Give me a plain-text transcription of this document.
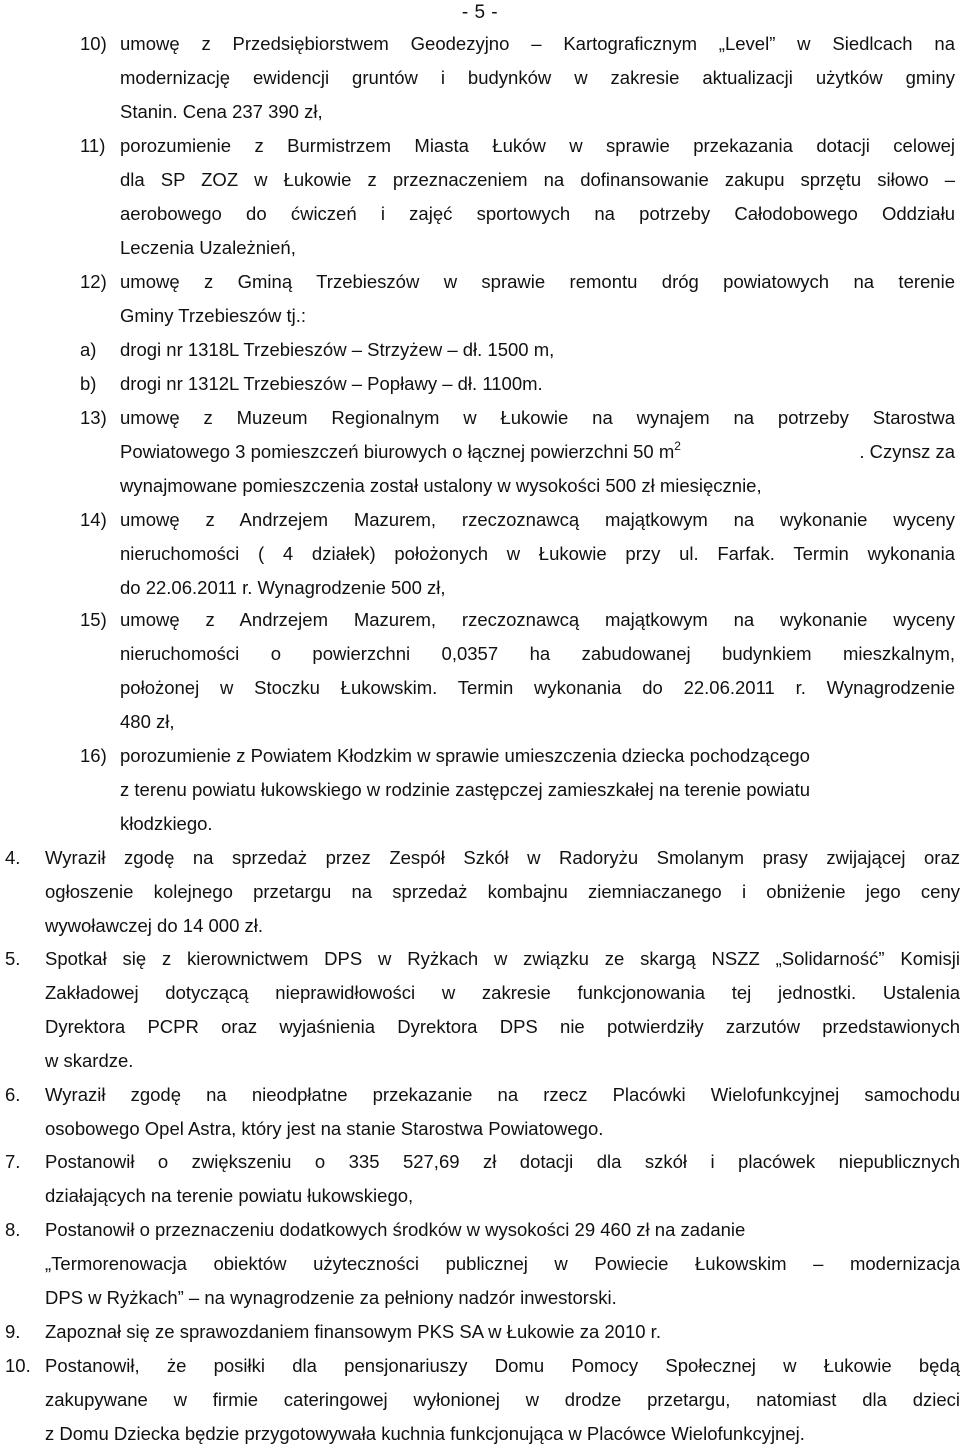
- 5 -
10) umowę z Przedsiębiorstwem Geodezyjno – Kartograficznym „Level” w Siedlcach na
modernizację ewidencji gruntów i budynków w zakresie aktualizacji użytków gminy
Stanin. Cena 237 390 zł,
11) porozumienie z Burmistrzem Miasta Łuków w sprawie przekazania dotacji celowej
dla SP ZOZ w Łukowie z przeznaczeniem na dofinansowanie zakupu sprzętu siłowo –
aerobowego do ćwiczeń i zajęć sportowych na potrzeby Całodobowego Oddziału
Leczenia Uzależnień,
12) umowę z Gminą Trzebieszów w sprawie remontu dróg powiatowych na terenie
Gminy Trzebieszów tj.:
a) drogi nr 1318L Trzebieszów – Strzyżew – dł. 1500 m,
b) drogi nr 1312L Trzebieszów – Popławy – dł. 1100m.
13) umowę z Muzeum Regionalnym w Łukowie na wynajem na potrzeby Starostwa
Powiatowego 3 pomieszczeń biurowych o łącznej powierzchni 50 $m^2$	. Czynsz za
wynajmowane pomieszczenia został ustalony w wysokości 500 zł miesięcznie,
14) umowę z Andrzejem Mazurem, rzeczoznawcą majątkowym na wykonanie wyceny
nieruchomości ( 4 działek) położonych w Łukowie przy ul. Farfak. Termin wykonania
do 22.06.2011 r. Wynagrodzenie 500 zł,
15) umowę z Andrzejem Mazurem, rzeczoznawcą majątkowym na wykonanie wyceny
nieruchomości o powierzchni 0,0357 ha zabudowanej budynkiem mieszkalnym,
położonej w Stoczku Łukowskim. Termin wykonania do 22.06.2011 r. Wynagrodzenie
480 zł,
16) porozumienie z Powiatem Kłodzkim w sprawie umieszczenia dziecka pochodzącego
z terenu powiatu łukowskiego w rodzinie zastępczej zamieszkałej na terenie powiatu
kłodzkiego.
4. Wyraził zgodę na sprzedaż przez Zespół Szkół w Radoryżu Smolanym prasy zwijającej oraz
ogłoszenie kolejnego przetargu na sprzedaż kombajnu ziemniaczanego i obniżenie jego ceny
wywoławczej do 14 000 zł.
5. Spotkał się z kierownictwem DPS w Ryżkach w związku ze skargą NSZZ „Solidarność” Komisji
Zakładowej dotyczącą nieprawidłowości w zakresie funkcjonowania tej jednostki. Ustalenia
Dyrektora PCPR oraz wyjaśnienia Dyrektora DPS nie potwierdziły zarzutów przedstawionych
w skardze.
6. Wyraził zgodę na nieodpłatne przekazanie na rzecz Placówki Wielofunkcyjnej samochodu
osobowego Opel Astra, który jest na stanie Starostwa Powiatowego.
7. Postanowił o zwiększeniu o 335 527,69 zł dotacji dla szkół i placówek niepublicznych
działających na terenie powiatu łukowskiego,
8. Postanowił o przeznaczeniu dodatkowych środków w wysokości 29 460 zł na zadanie
„Termorenowacja obiektów użyteczności publicznej w Powiecie Łukowskim – modernizacja
DPS w Ryżkach” – na wynagrodzenie za pełniony nadzór inwestorski.
9. Zapoznał się ze sprawozdaniem finansowym PKS SA w Łukowie za 2010 r.
10. Postanowił, że posiłki dla pensjonariuszy Domu Pomocy Społecznej w Łukowie będą
zakupywane w firmie cateringowej wyłonionej w drodze przetargu, natomiast dla dzieci
z Domu Dziecka będzie przygotowywała kuchnia funkcjonująca w Placówce Wielofunkcyjnej.
